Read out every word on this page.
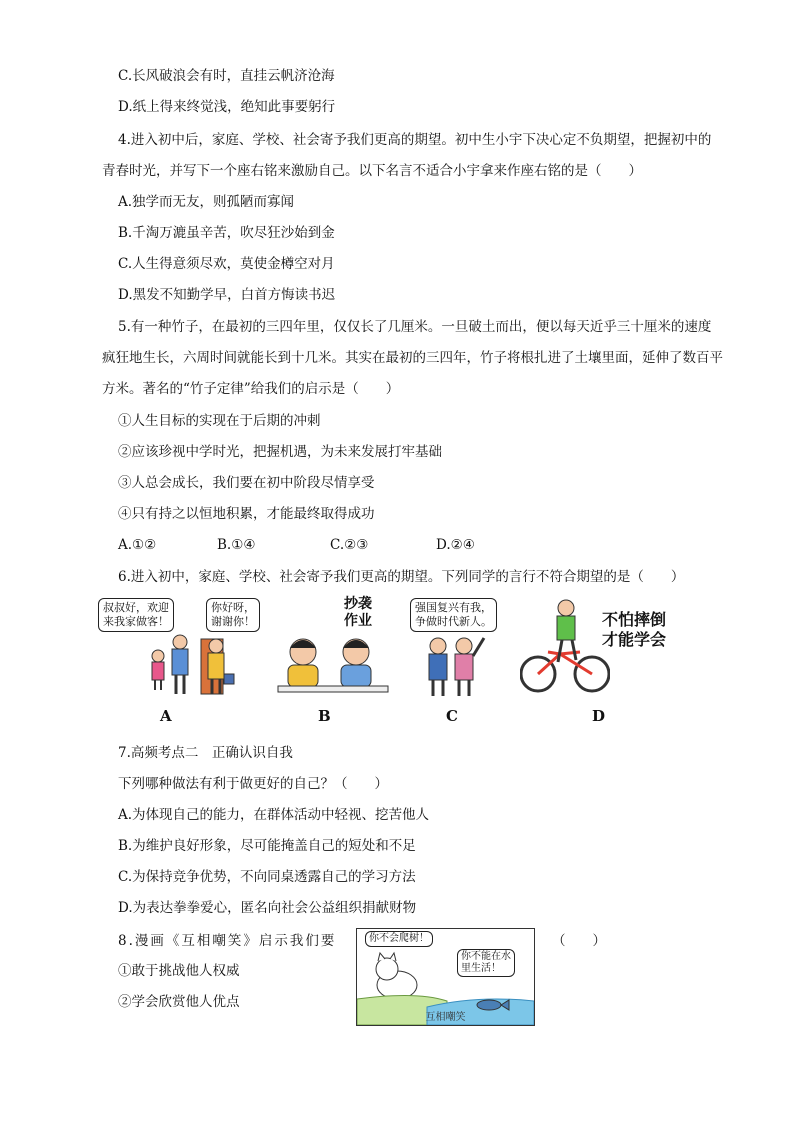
C.长风破浪会有时，直挂云帆济沧海
D.纸上得来终觉浅，绝知此事要躬行
4.进入初中后，家庭、学校、社会寄予我们更高的期望。初中生小宇下决心定不负期望，把握初中的
青春时光，并写下一个座右铭来激励自己。以下名言不适合小宇拿来作座右铭的是（　　）
A.独学而无友，则孤陋而寡闻
B.千淘万漉虽辛苦，吹尽狂沙始到金
C.人生得意须尽欢，莫使金樽空对月
D.黑发不知勤学早，白首方悔读书迟
5.有一种竹子，在最初的三四年里，仅仅长了几厘米。一旦破土而出，便以每天近乎三十厘米的速度
疯狂地生长，六周时间就能长到十几米。其实在最初的三四年，竹子将根扎进了土壤里面，延伸了数百平
方米。著名的“竹子定律”给我们的启示是（　　）
①人生目标的实现在于后期的冲刺
②应该珍视中学时光，把握机遇，为未来发展打牢基础
③人总会成长，我们要在初中阶段尽情享受
④只有持之以恒地积累，才能最终取得成功
A.①②	B.①④	C.②③	D.②④
6.进入初中，家庭、学校、社会寄予我们更高的期望。下列同学的言行不符合期望的是（　　）
叔叔好，欢迎
来我家做客！
你好呀，
谢谢你！
A
抄袭
作业
B
强国复兴有我，
争做时代新人。
C
不怕摔倒
才能学会
D
7.高频考点二　正确认识自我
下列哪种做法有利于做更好的自己？（　　）
A.为体现自己的能力，在群体活动中轻视、挖苦他人
B.为维护良好形象，尽可能掩盖自己的短处和不足
C.为保持竞争优势，不向同桌透露自己的学习方法
D.为表达拳拳爱心，匿名向社会公益组织捐献财物
8.漫画《互相嘲笑》启示我们要	（　　）
①敢于挑战他人权威
②学会欣赏他人优点
你不会爬树！
你不能在水
里生活！
互相嘲笑
